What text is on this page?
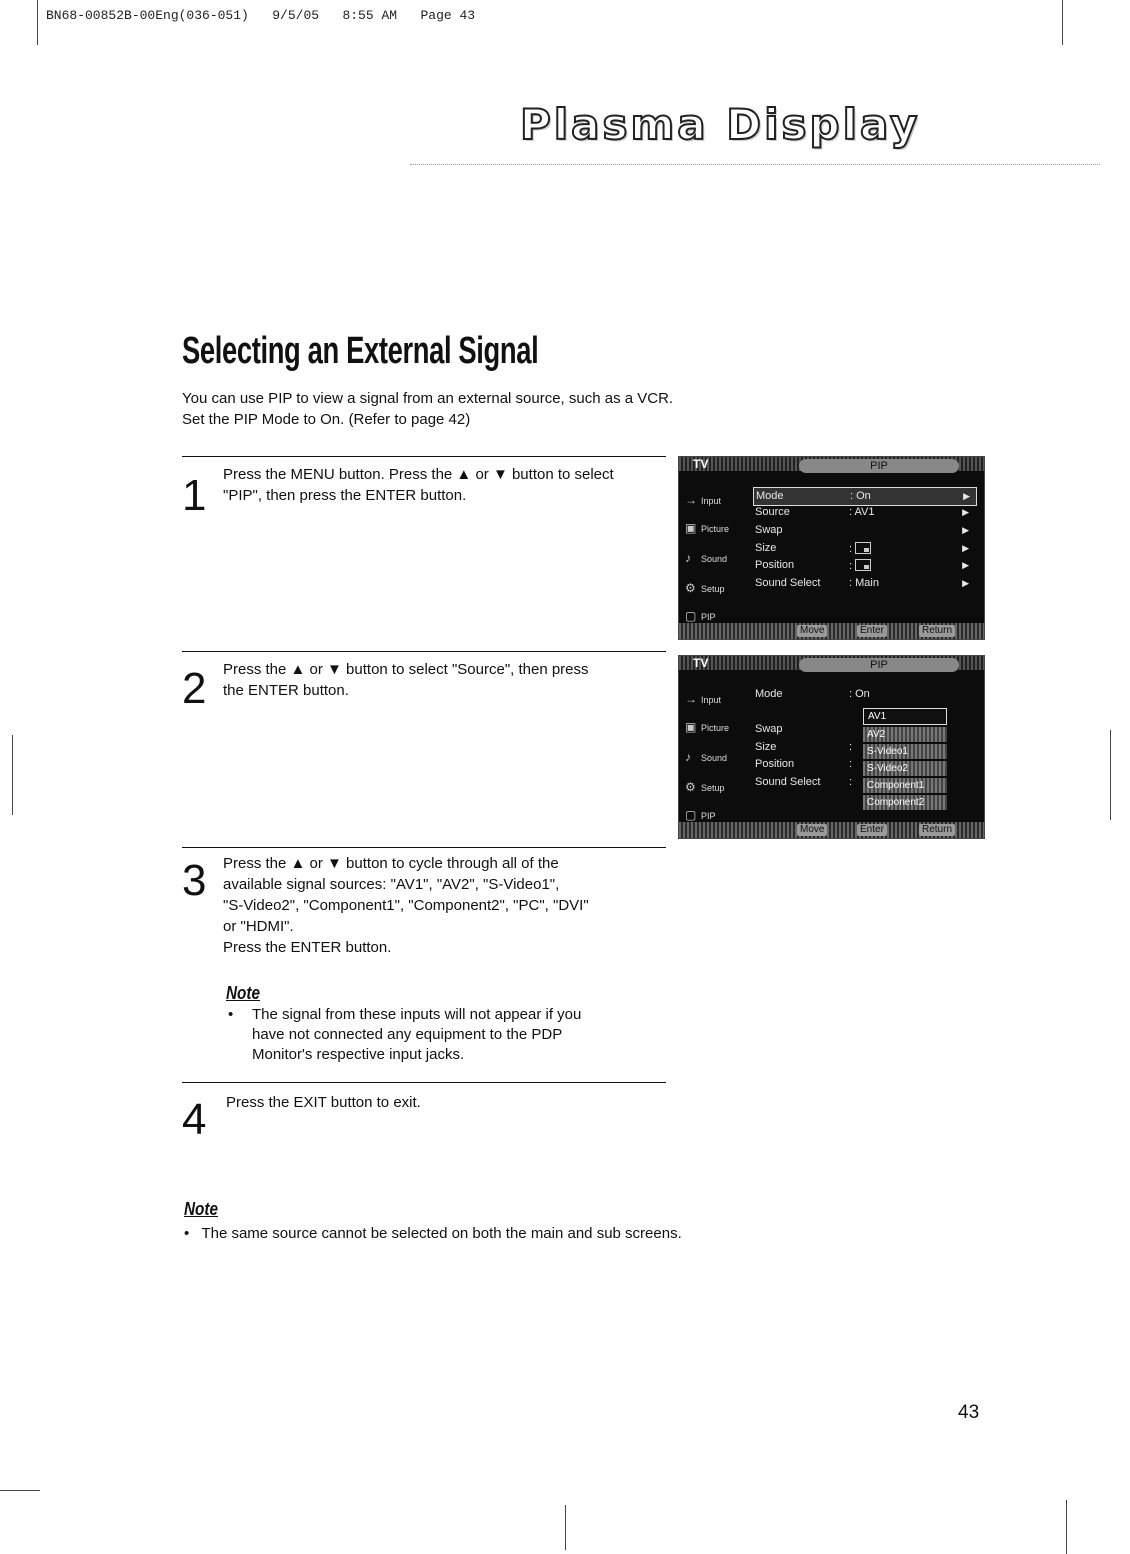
BN68-00852B-00Eng(036-051)   9/5/05   8:55 AM   Page 43
Plasma Display
Selecting an External Signal
You can use PIP to view a signal from an external source, such as a VCR.
Set the PIP Mode to On. (Refer to page 42)
1 Press the MENU button. Press the ▲ or ▼ button to select
"PIP", then press the ENTER button.
2 Press the ▲ or ▼ button to select "Source", then press
the ENTER button.
3 Press the ▲ or ▼ button to cycle through all of the
available signal sources: "AV1", "AV2", "S-Video1",
"S-Video2", "Component1", "Component2", "PC", "DVI"
or "HDMI".
Press the ENTER button.
Note
• The signal from these inputs will not appear if you
have not connected any equipment to the PDP
Monitor's respective input jacks.
4 Press the EXIT button to exit.
Note
• The same source cannot be selected on both the main and sub screens.
43
TV	PIP
→ Input
▣ Picture
♪ Sound
⚙ Setup
▢ PIP
Mode	: On	▶
Source	: AV1	▶
Swap	▶
Size	:	▶
Position	:	▶
Sound Select	: Main	▶
Move	Enter	Return
TV	PIP
→ Input
▣ Picture
♪ Sound
⚙ Setup
▢ PIP
Mode	: On
Swap
Size	:
Position	:
Sound Select	:
AV1
AV2
S-Video1
S-Video2
Component1
Component2
Move	Enter	Return
